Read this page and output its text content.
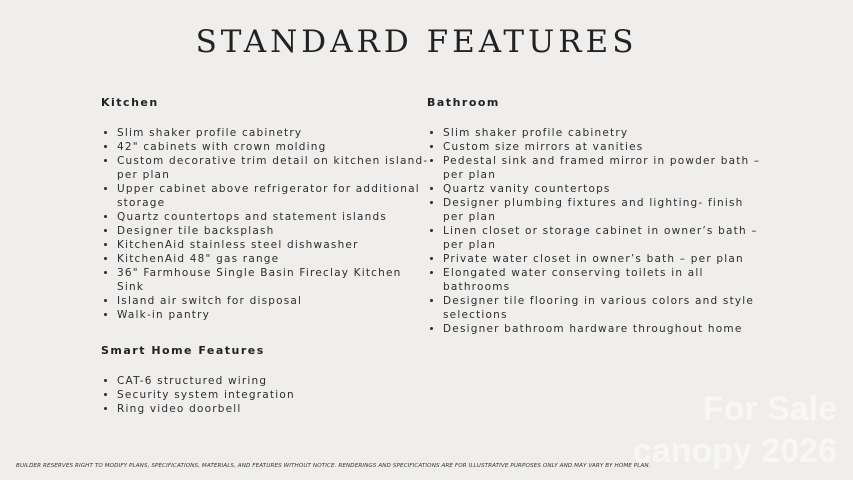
STANDARD FEATURES
Kitchen
• Slim shaker profile cabinetry
• 42" cabinets with crown molding
• Custom decorative trim detail on kitchen island- per plan
• Upper cabinet above refrigerator for additional storage
• Quartz countertops and statement islands
• Designer tile backsplash
• KitchenAid stainless steel dishwasher
• KitchenAid 48" gas range
• 36" Farmhouse Single Basin Fireclay Kitchen Sink
• Island air switch for disposal
• Walk-in pantry
Smart Home Features
• CAT-6 structured wiring
• Security system integration
• Ring video doorbell
Bathroom
• Slim shaker profile cabinetry
• Custom size mirrors at vanities
• Pedestal sink and framed mirror in powder bath – per plan
• Quartz vanity countertops
• Designer plumbing fixtures and lighting- finish per plan
• Linen closet or storage cabinet in owner’s bath – per plan
• Private water closet in owner’s bath – per plan
• Elongated water conserving toilets in all bathrooms
• Designer tile flooring in various colors and style selections
• Designer bathroom hardware throughout home
For Sale
canopy 2026
BUILDER RESERVES RIGHT TO MODIFY PLANS, SPECIFICATIONS, MATERIALS, AND FEATURES WITHOUT NOTICE. RENDERINGS AND SPECIFICATIONS ARE FOR ILLUSTRATIVE PURPOSES ONLY AND MAY VARY BY HOME PLAN.
